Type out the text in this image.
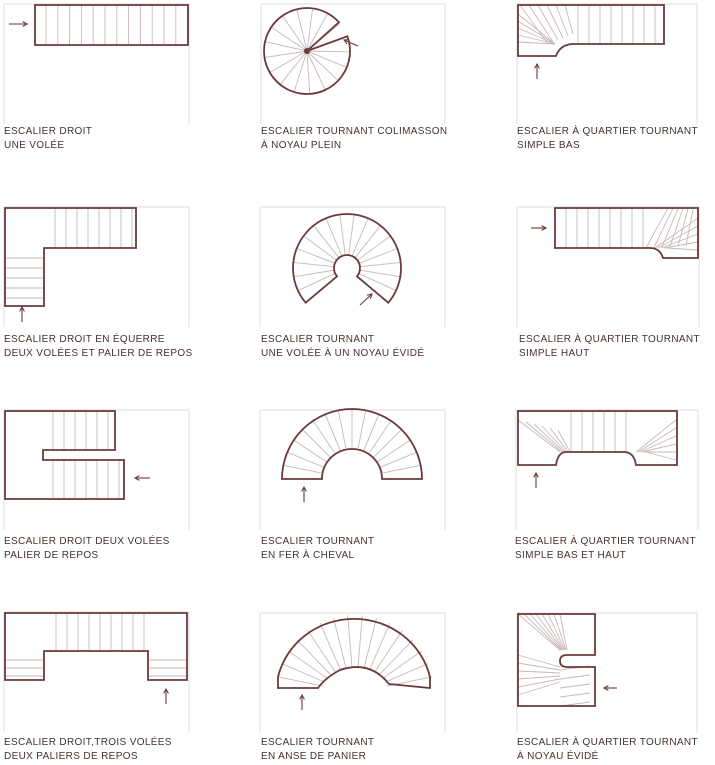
ESCALIER DROIT
UNE VOLÉE
ESCALIER TOURNANT COLIMASSON
À NOYAU PLEIN
ESCALIER À QUARTIER TOURNANT
SIMPLE BAS
ESCALIER DROIT EN ÉQUERRE
DEUX VOLÉES ET PALIER DE REPOS
ESCALIER TOURNANT
UNE VOLÉE À UN NOYAU ÉVIDÉ
ESCALIER À QUARTIER TOURNANT
SIMPLE HAUT
ESCALIER DROIT DEUX VOLÉES
PALIER DE REPOS
ESCALIER TOURNANT
EN FER À CHEVAL
ESCALIER À QUARTIER TOURNANT
SIMPLE BAS ET HAUT
ESCALIER DROIT,TROIS VOLÉES
DEUX PALIERS DE REPOS
ESCALIER TOURNANT
EN ANSE DE PANIER
ESCALIER À QUARTIER TOURNANT
À NOYAU ÉVIDÉ
